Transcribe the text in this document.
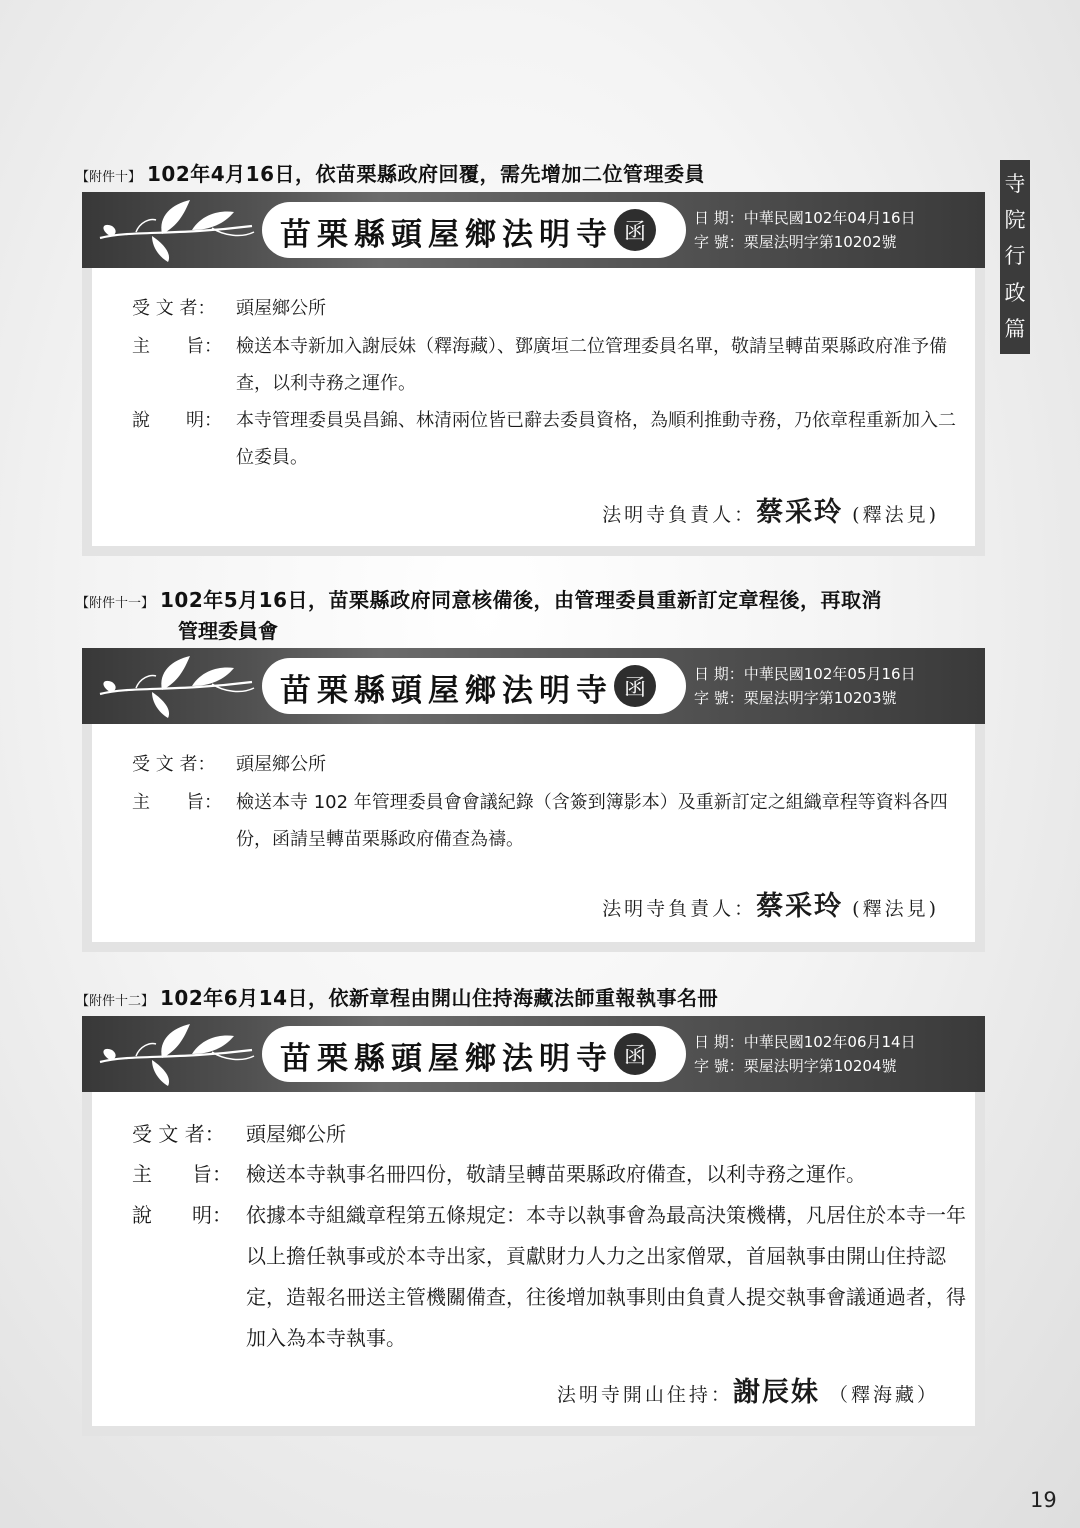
寺
院
行
政
篇
【附件十】 102年4月16日，依苗栗縣政府回覆，需先增加二位管理委員
苗栗縣頭屋鄉法明寺 函
日 期：中華民國102年04月16日
字 號：栗屋法明字第10202號
受 文 者：	頭屋鄉公所
主　　旨： 檢送本寺新加入謝辰妹（釋海藏）、鄧廣垣二位管理委員名單，敬請呈轉苗栗縣政府准予備查，以利寺務之運作。
說　　明： 本寺管理委員吳昌錦、林清兩位皆已辭去委員資格，為順利推動寺務，乃依章程重新加入二位委員。
法明寺負責人：蔡采玲 (釋法見)
【附件十一】 102年5月16日，苗栗縣政府同意核備後，由管理委員重新訂定章程後，再取消
管理委員會
苗栗縣頭屋鄉法明寺 函
日 期：中華民國102年05月16日
字 號：栗屋法明字第10203號
受 文 者：	頭屋鄉公所
主　　旨： 檢送本寺 102 年管理委員會會議紀錄（含簽到簿影本）及重新訂定之組織章程等資料各四份，函請呈轉苗栗縣政府備查為禱。
法明寺負責人：蔡采玲 (釋法見)
【附件十二】 102年6月14日，依新章程由開山住持海藏法師重報執事名冊
苗栗縣頭屋鄉法明寺 函
日 期：中華民國102年06月14日
字 號：栗屋法明字第10204號
受 文 者：	頭屋鄉公所
主　　旨： 檢送本寺執事名冊四份，敬請呈轉苗栗縣政府備查，以利寺務之運作。
說　　明： 依據本寺組織章程第五條規定：本寺以執事會為最高決策機構，凡居住於本寺一年以上擔任執事或於本寺出家，貢獻財力人力之出家僧眾，首屆執事由開山住持認定，造報名冊送主管機關備查，往後增加執事則由負責人提交執事會議通過者，得加入為本寺執事。
法明寺開山住持：謝辰妹 （釋海藏）
19
